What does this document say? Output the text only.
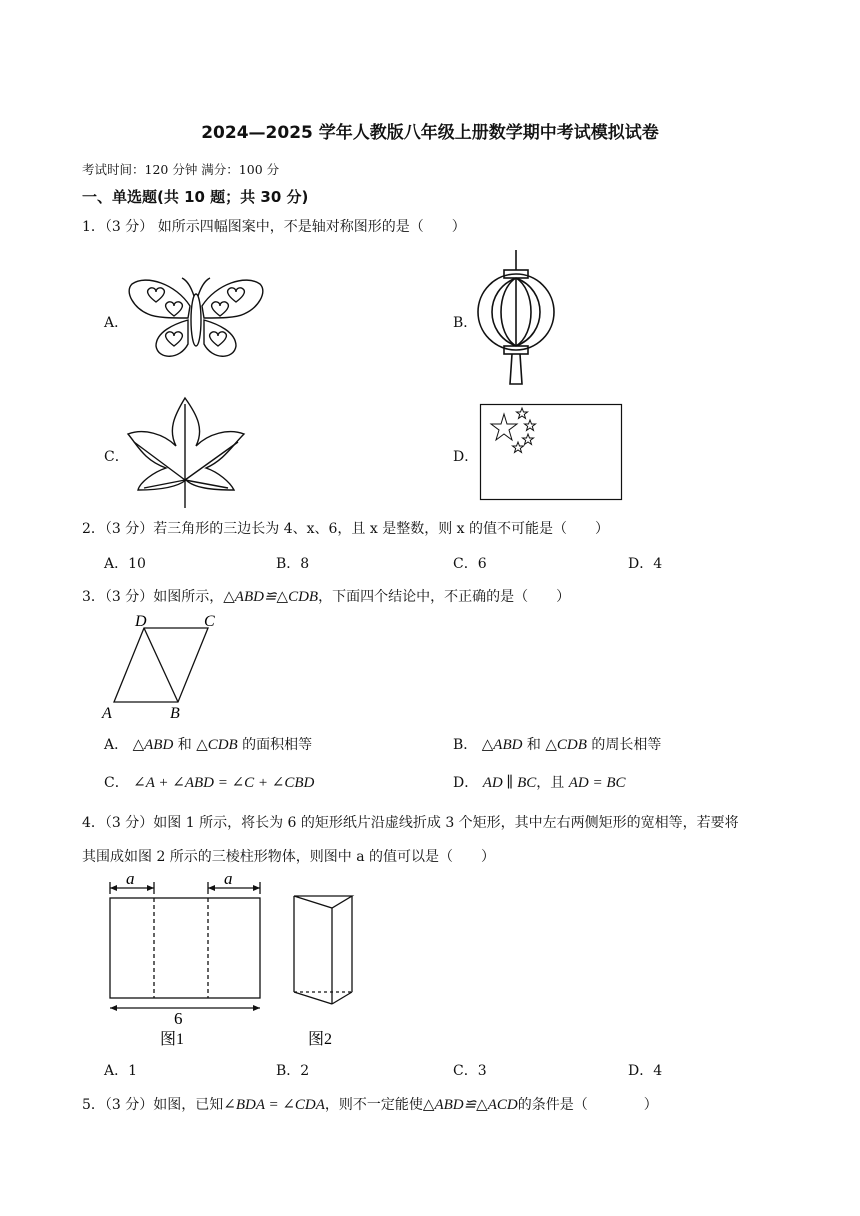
2024—2025 学年人教版八年级上册数学期中考试模拟试卷
考试时间：120 分钟 满分：100 分
一、单选题(共 10 题；共 30 分)
1．（3 分） 如所示四幅图案中，不是轴对称图形的是（　　）
A．	B．
C．	D．
2．（3 分）若三角形的三边长为 4、x、6，且 x 是整数，则 x 的值不可能是（　　）
A．10	B．8	C．6	D．4
3．（3 分）如图所示，△ABD≌△CDB，下面四个结论中，不正确的是（　　）
D	C
A	B
A． △ABD 和 △CDB 的面积相等	B． △ABD 和 △CDB 的周长相等
C． ∠A + ∠ABD = ∠C + ∠CBD	D． AD ∥ BC，且 AD = BC
4．（3 分）如图 1 所示，将长为 6 的矩形纸片沿虚线折成 3 个矩形，其中左右两侧矩形的宽相等，若要将
其围成如图 2 所示的三棱柱形物体，则图中 a 的值可以是（　　）
a	a
6
图1	图2
A．1	B．2	C．3	D．4
5．（3 分）如图，已知∠BDA = ∠CDA，则不一定能使△ABD≌△ACD的条件是（　　　　）
